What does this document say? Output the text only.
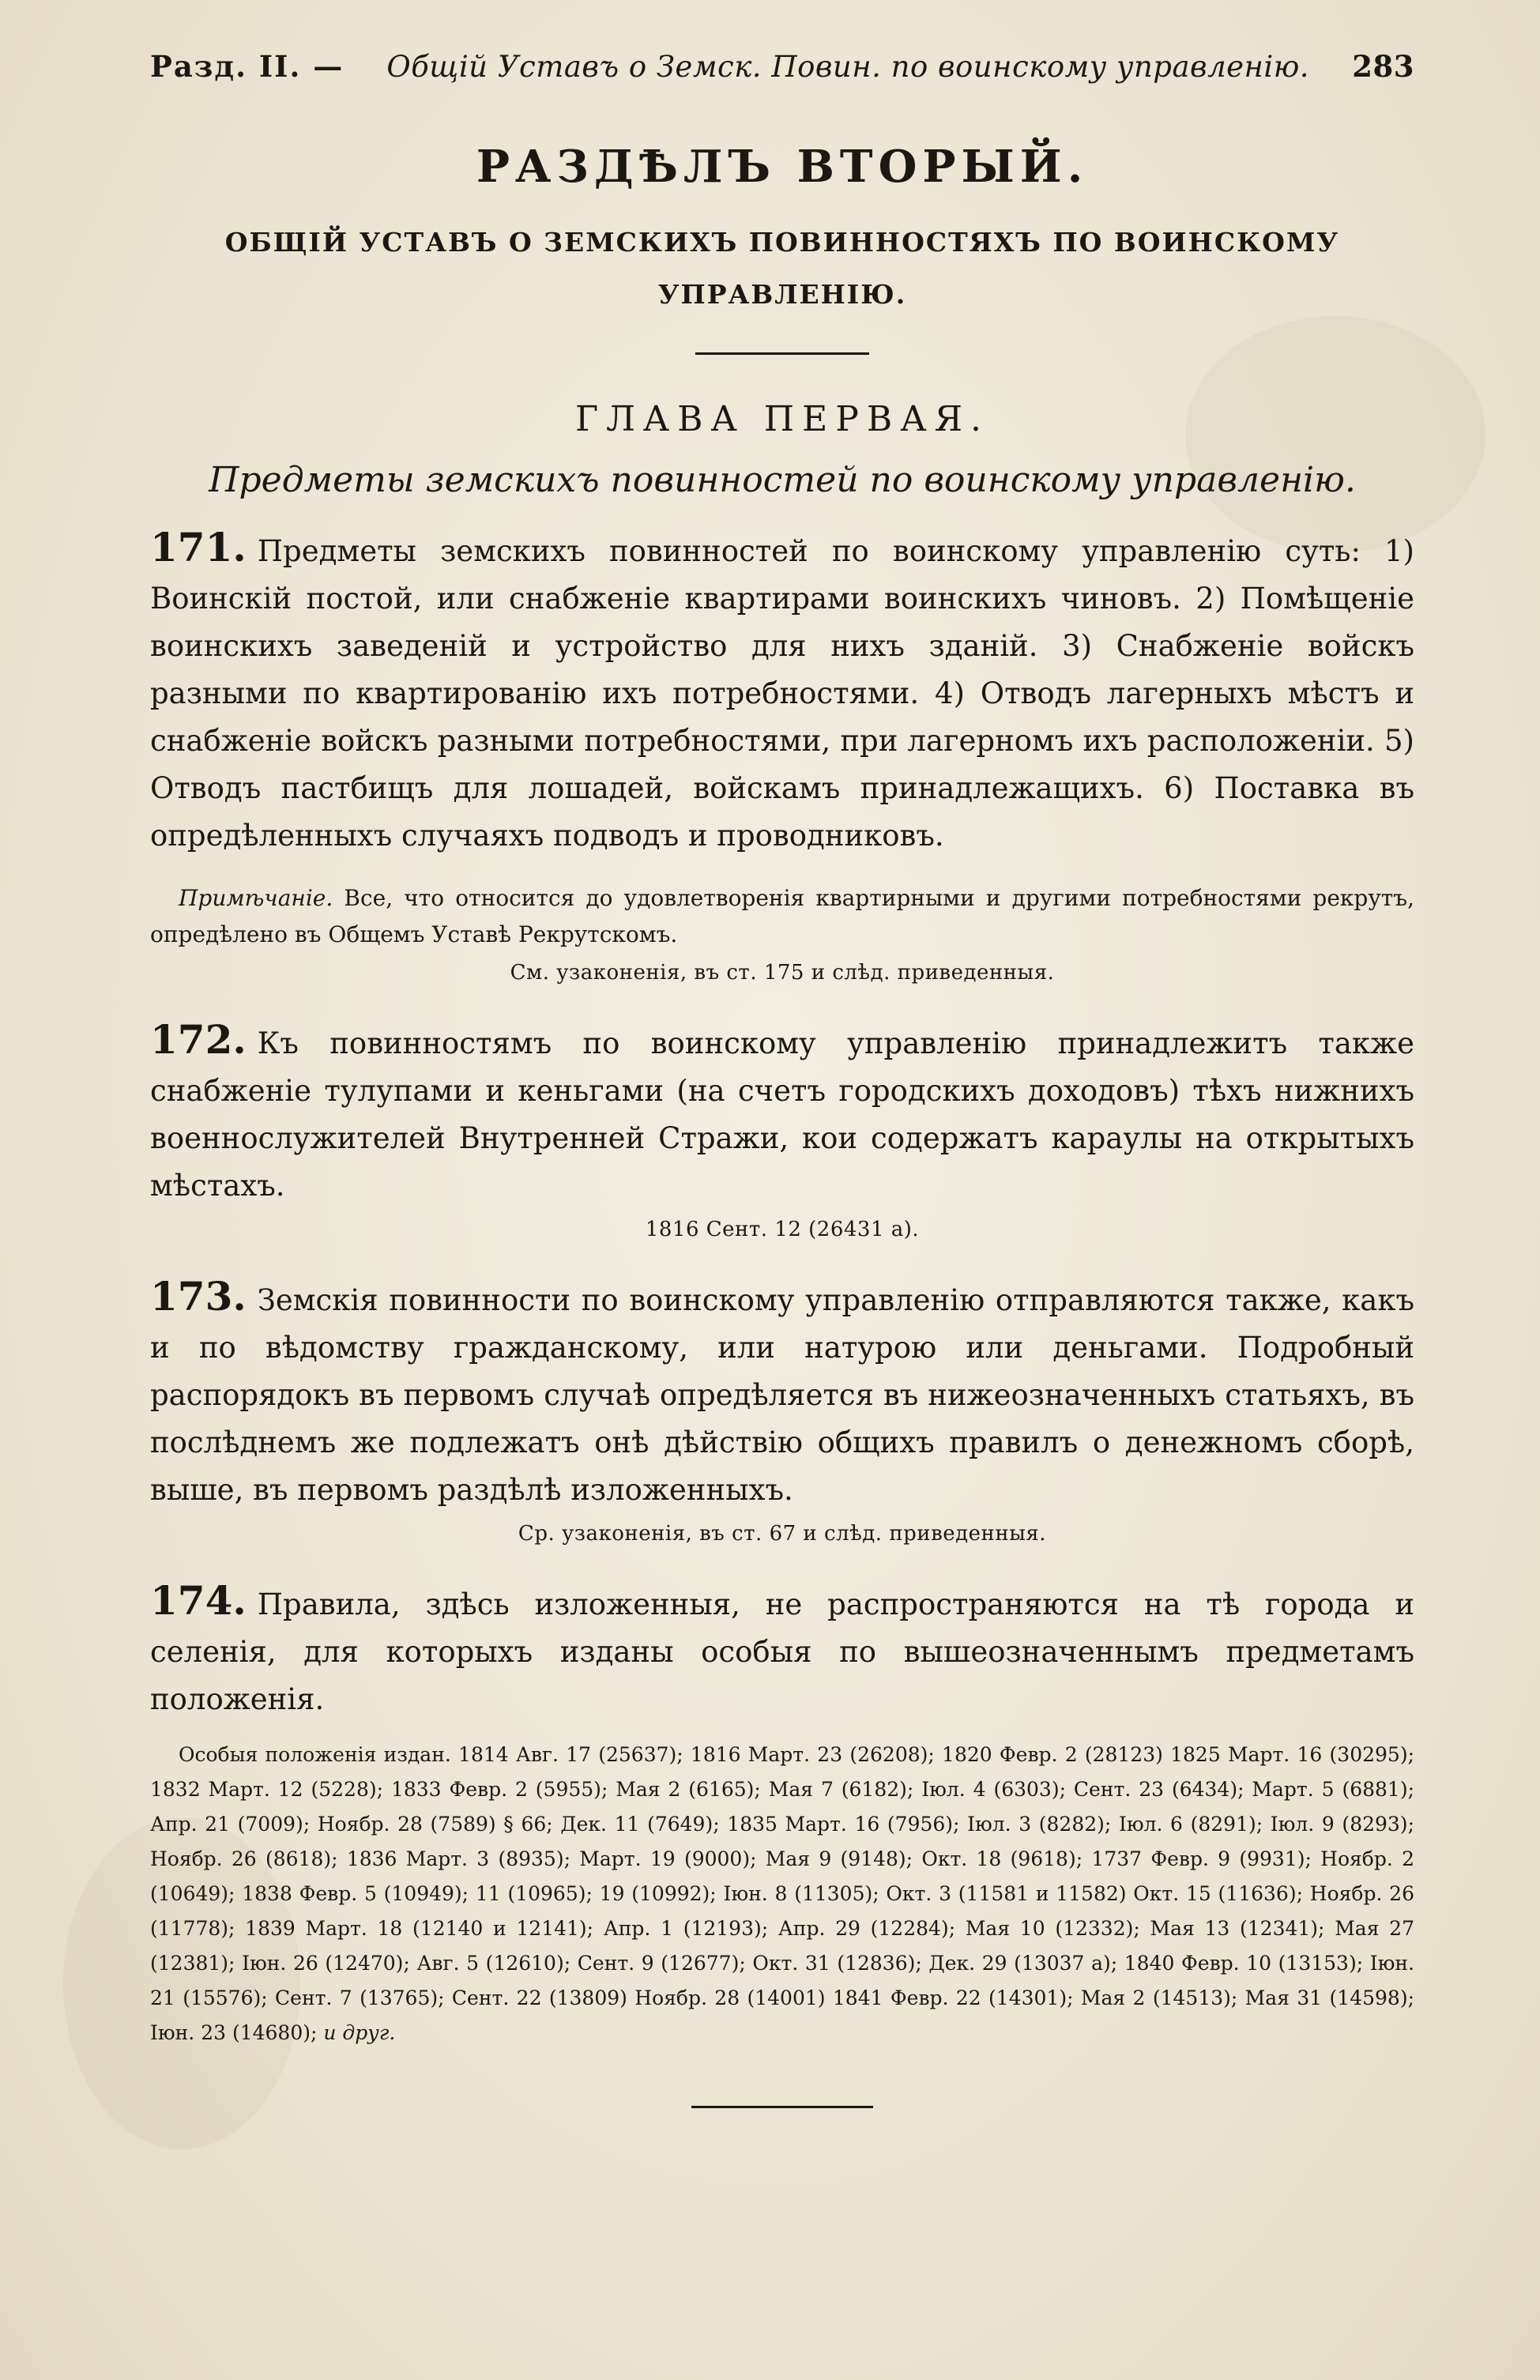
Разд. II. —	Общій Уставъ о Земск. Повин. по воинскому управленію.	283
РАЗДѢЛЪ ВТОРЫЙ.
ОБЩІЙ УСТАВЪ О ЗЕМСКИХЪ ПОВИННОСТЯХЪ ПО ВОИНСКОМУ
УПРАВЛЕНІЮ.
ГЛАВА ПЕРВАЯ.
Предметы земскихъ повинностей по воинскому управленію.

171. Предметы земскихъ повинностей по воинскому управленію суть: 1) Воинскій постой, или снабженіе квартирами воинскихъ чиновъ. 2) Помѣщеніе воинскихъ заведеній и устройство для нихъ зданій. 3) Снабженіе войскъ разными по квартированію ихъ потребностями. 4) Отводъ лагерныхъ мѣстъ и снабженіе войскъ разными потребностями, при лагерномъ ихъ расположеніи. 5) Отводъ пастбищъ для лошадей, войскамъ принадлежащихъ. 6) Поставка въ опредѣленныхъ случаяхъ подводъ и проводниковъ.

Примѣчаніе. Все, что относится до удовлетворенія квартирными и другими потребностями рекрутъ, опредѣлено въ Общемъ Уставѣ Рекрутскомъ.

См. узаконенія, въ ст. 175 и слѣд. приведенныя.

172. Къ повинностямъ по воинскому управленію принадлежитъ также снабженіе тулупами и кеньгами (на счетъ городскихъ доходовъ) тѣхъ нижнихъ военнослужителей Внутренней Стражи, кои содержатъ караулы на открытыхъ мѣстахъ.

1816 Сент. 12 (26431 а).

173. Земскія повинности по воинскому управленію отправляются также, какъ и по вѣдомству гражданскому, или натурою или деньгами. Подробный распорядокъ въ первомъ случаѣ опредѣляется въ нижеозначенныхъ статьяхъ, въ послѣднемъ же подлежатъ онѣ дѣйствію общихъ правилъ о денежномъ сборѣ, выше, въ первомъ раздѣлѣ изложенныхъ.

Ср. узаконенія, въ ст. 67 и слѣд. приведенныя.

174. Правила, здѣсь изложенныя, не распространяются на тѣ города и селенія, для которыхъ изданы особыя по вышеозначеннымъ предметамъ положенія.

Особыя положенія издан. 1814 Авг. 17 (25637); 1816 Март. 23 (26208); 1820 Февр. 2 (28123) 1825 Март. 16 (30295); 1832 Март. 12 (5228); 1833 Февр. 2 (5955); Мая 2 (6165); Мая 7 (6182); Іюл. 4 (6303); Сент. 23 (6434); Март. 5 (6881); Апр. 21 (7009); Ноябр. 28 (7589) § 66; Дек. 11 (7649); 1835 Март. 16 (7956); Іюл. 3 (8282); Іюл. 6 (8291); Іюл. 9 (8293); Ноябр. 26 (8618); 1836 Март. 3 (8935); Март. 19 (9000); Мая 9 (9148); Окт. 18 (9618); 1737 Февр. 9 (9931); Ноябр. 2 (10649); 1838 Февр. 5 (10949); 11 (10965); 19 (10992); Іюн. 8 (11305); Окт. 3 (11581 и 11582) Окт. 15 (11636); Ноябр. 26 (11778); 1839 Март. 18 (12140 и 12141); Апр. 1 (12193); Апр. 29 (12284); Мая 10 (12332); Мая 13 (12341); Мая 27 (12381); Іюн. 26 (12470); Авг. 5 (12610); Сент. 9 (12677); Окт. 31 (12836); Дек. 29 (13037 а); 1840 Февр. 10 (13153); Іюн. 21 (15576); Сент. 7 (13765); Сент. 22 (13809) Ноябр. 28 (14001) 1841 Февр. 22 (14301); Мая 2 (14513); Мая 31 (14598); Іюн. 23 (14680); и друг.
